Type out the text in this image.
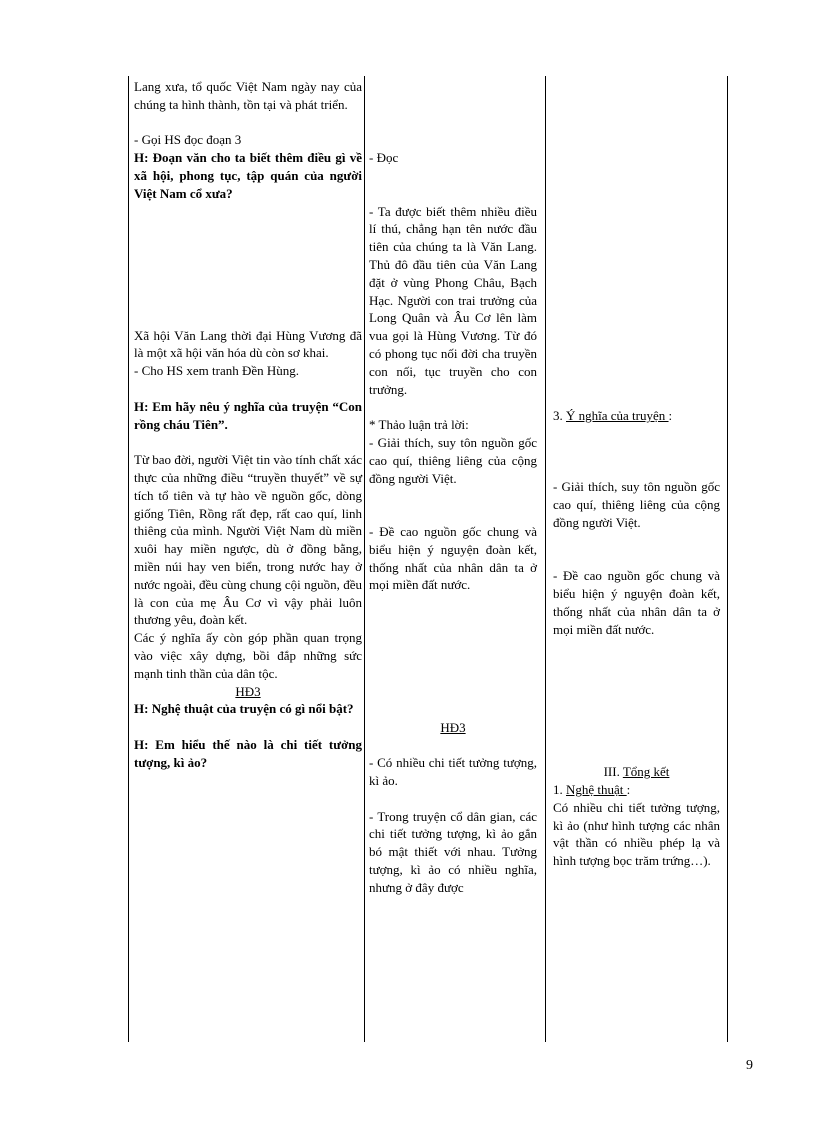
Lang xưa, tổ quốc Việt Nam ngày nay của chúng ta hình thành, tồn tại và phát triển.

- Gọi HS đọc đoạn 3

H: Đoạn văn cho ta biết thêm điều gì về xã hội, phong tục, tập quán của người Việt Nam cổ xưa?

Xã hội Văn Lang thời đại Hùng Vương đã là một xã hội văn hóa dù còn sơ khai.

- Cho HS xem tranh Đền Hùng.

H: Em hãy nêu ý nghĩa của truyện “Con rồng cháu Tiên”.

Từ bao đời, người Việt tin vào tính chất xác thực của những điều “truyền thuyết” về sự tích tổ tiên và tự hào về nguồn gốc, dòng giống Tiên, Rồng rất đẹp, rất cao quí, linh thiêng của mình. Người Việt Nam dù miền xuôi hay miền ngược, dù ở đồng bằng, miền núi hay ven biển, trong nước hay ở nước ngoài, đều cùng chung cội nguồn, đều là con của mẹ Âu Cơ vì vậy phải luôn thương yêu, đoàn kết.

Các ý nghĩa ấy còn góp phần quan trọng vào việc xây dựng, bồi đắp những sức mạnh tinh thần của dân tộc.

HĐ3

H: Nghệ thuật của truyện có gì nổi bật?

H: Em hiểu thế nào là chi tiết tưởng tượng, kì ảo?

- Đọc

- Ta được biết thêm nhiều điều lí thú, chẳng hạn tên nước đầu tiên của chúng ta là Văn Lang. Thủ đô đầu tiên của Văn Lang đặt ở vùng Phong Châu, Bạch Hạc. Người con trai trưởng của Long Quân và Âu Cơ lên làm vua gọi là Hùng Vương. Từ đó có phong tục nối đời cha truyền con nối, tục truyền cho con trưởng.

* Thảo luận trả lời:

- Giải thích, suy tôn nguồn gốc cao quí, thiêng liêng của cộng đồng người Việt.

- Đề cao nguồn gốc chung và biểu hiện ý nguyện đoàn kết, thống nhất của nhân dân ta ở mọi miền đất nước.

HĐ3

- Có nhiều chi tiết tưởng tượng, kì ảo.

- Trong truyện cổ dân gian, các chi tiết tưởng tượng, kì ảo gắn bó mật thiết với nhau. Tưởng tượng, kì ảo có nhiều nghĩa, nhưng ở đây được

3. Ý nghĩa của truyện :

- Giải thích, suy tôn nguồn gốc cao quí, thiêng liêng của cộng đồng người Việt.

- Đề cao nguồn gốc chung và biểu hiện ý nguyện đoàn kết, thống nhất của nhân dân ta ở mọi miền đất nước.

III. Tổng kết

1. Nghệ thuật :

Có nhiều chi tiết tưởng tượng, kì ảo (như hình tượng các nhân vật thần có nhiều phép lạ và hình tượng bọc trăm trứng…).

9
